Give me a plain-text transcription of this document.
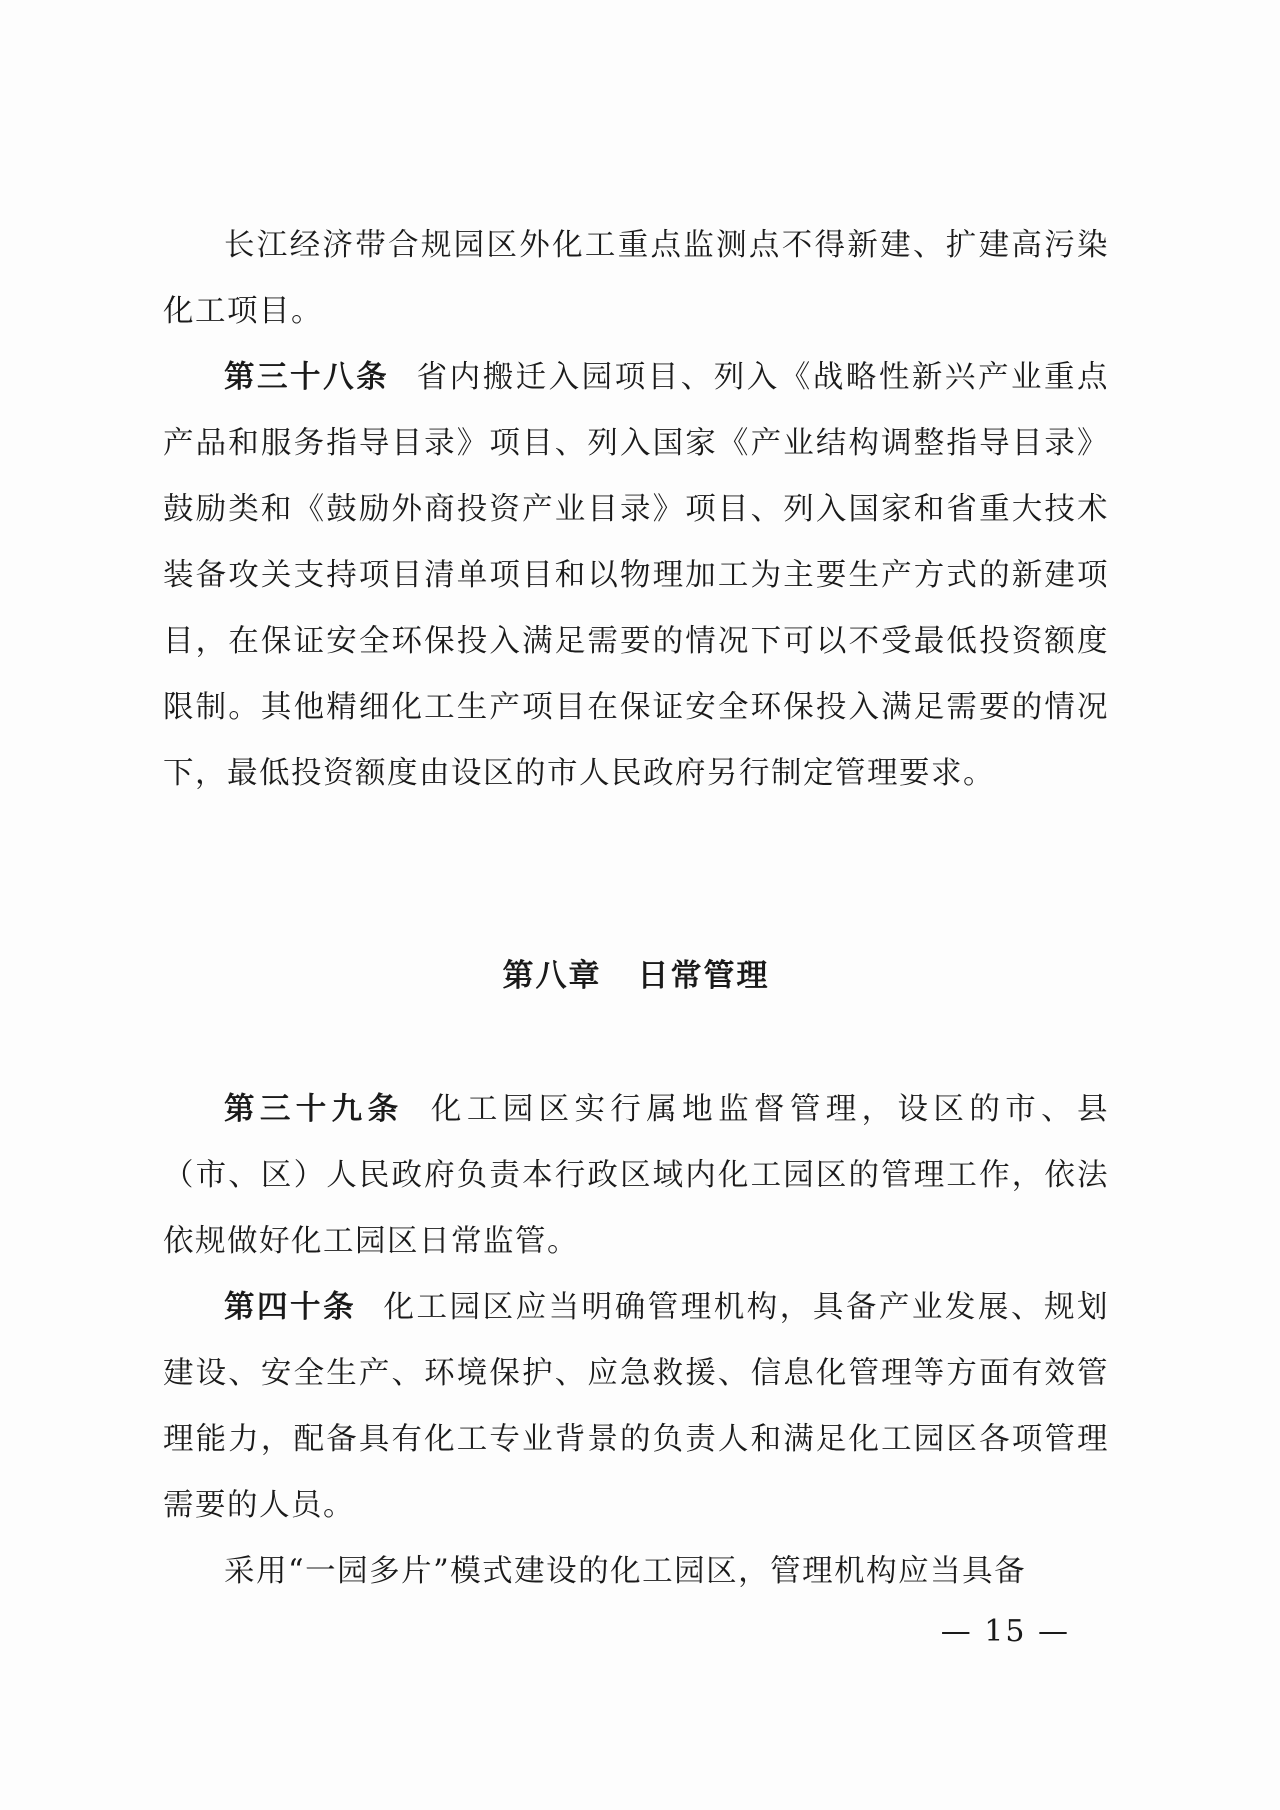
长江经济带合规园区外化工重点监测点不得新建、扩建高污染化工项目。

第三十八条 省内搬迁入园项目、列入《战略性新兴产业重点产品和服务指导目录》项目、列入国家《产业结构调整指导目录》鼓励类和《鼓励外商投资产业目录》项目、列入国家和省重大技术装备攻关支持项目清单项目和以物理加工为主要生产方式的新建项目，在保证安全环保投入满足需要的情况下可以不受最低投资额度限制。其他精细化工生产项目在保证安全环保投入满足需要的情况下，最低投资额度由设区的市人民政府另行制定管理要求。

第八章 日常管理

第三十九条 化工园区实行属地监督管理，设区的市、县（市、区）人民政府负责本行政区域内化工园区的管理工作，依法依规做好化工园区日常监管。

第四十条 化工园区应当明确管理机构，具备产业发展、规划建设、安全生产、环境保护、应急救援、信息化管理等方面有效管理能力，配备具有化工专业背景的负责人和满足化工园区各项管理需要的人员。

采用“一园多片”模式建设的化工园区，管理机构应当具备

— 15 —
